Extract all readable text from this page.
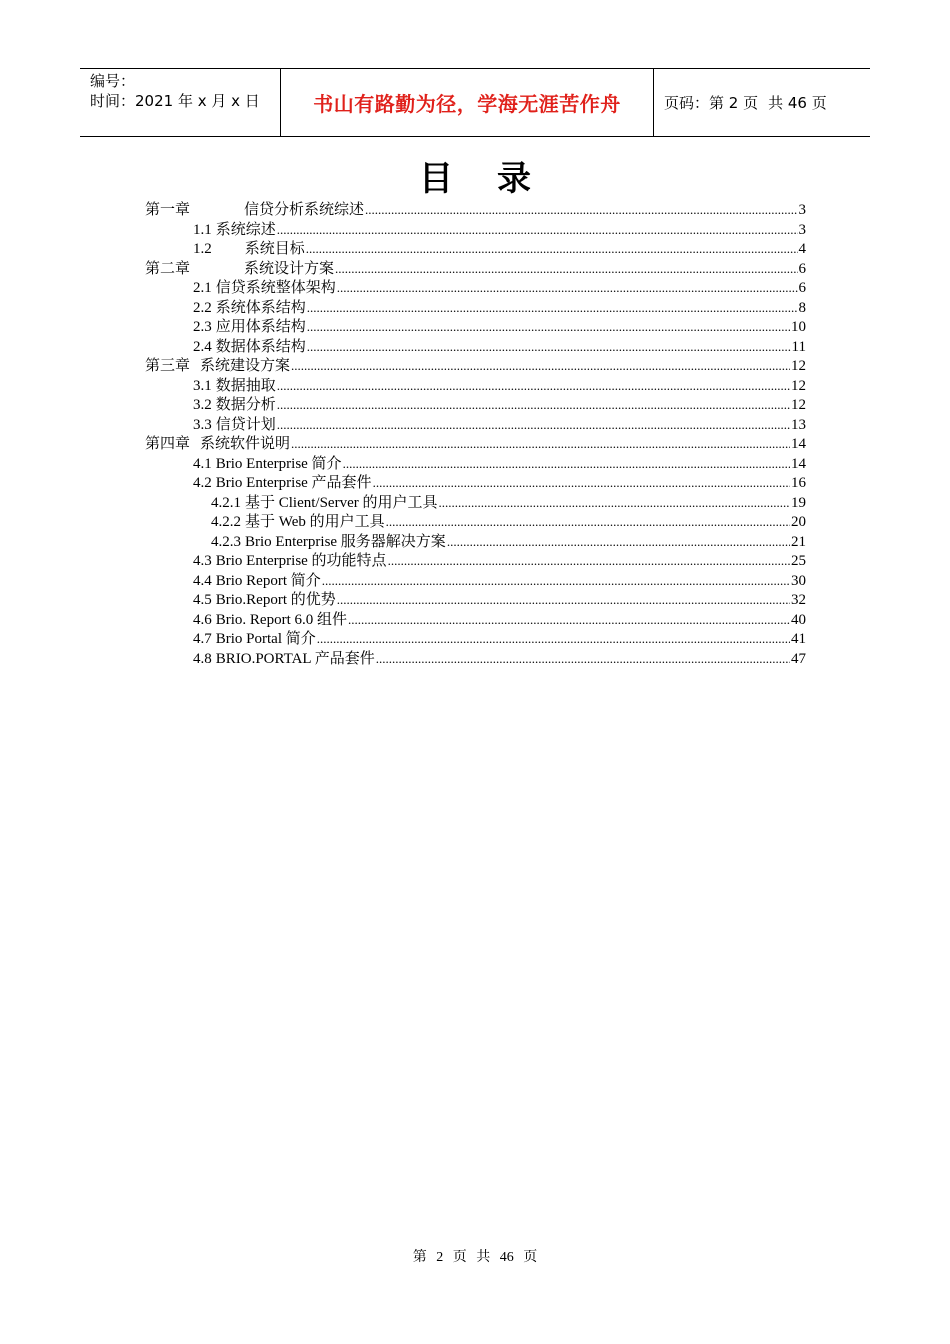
编号：
时间：2021 年 x 月 x 日	书山有路勤为径，学海无涯苦作舟	页码：第 2 页 共 46 页
目 录
第一章	信贷分析系统综述 .....	3
1.1 系统综述 .....	3
1.2 系统目标 .....	4
第二章	系统设计方案 .....	6
2.1 信贷系统整体架构 .....	6
2.2 系统体系结构 .....	8
2.3 应用体系结构 .....	10
2.4 数据体系结构 .....	11
第三章 系统建设方案 .....	12
3.1 数据抽取 .....	12
3.2 数据分析 .....	12
3.3 信贷计划 .....	13
第四章 系统软件说明 .....	14
4.1 Brio Enterprise 简介 .....	14
4.2 Brio Enterprise 产品套件 .....	16
4.2.1 基于 Client/Server 的用户工具 .....	19
4.2.2 基于 Web 的用户工具 .....	20
4.2.3 Brio Enterprise 服务器解决方案 .....	21
4.3 Brio Enterprise 的功能特点 .....	25
4.4 Brio Report 简介 .....	30
4.5 Brio.Report 的优势 .....	32
4.6 Brio. Report 6.0 组件 .....	40
4.7 Brio Portal 简介 .....	41
4.8 BRIO.PORTAL 产品套件 .....	47
第 2 页 共 46 页
